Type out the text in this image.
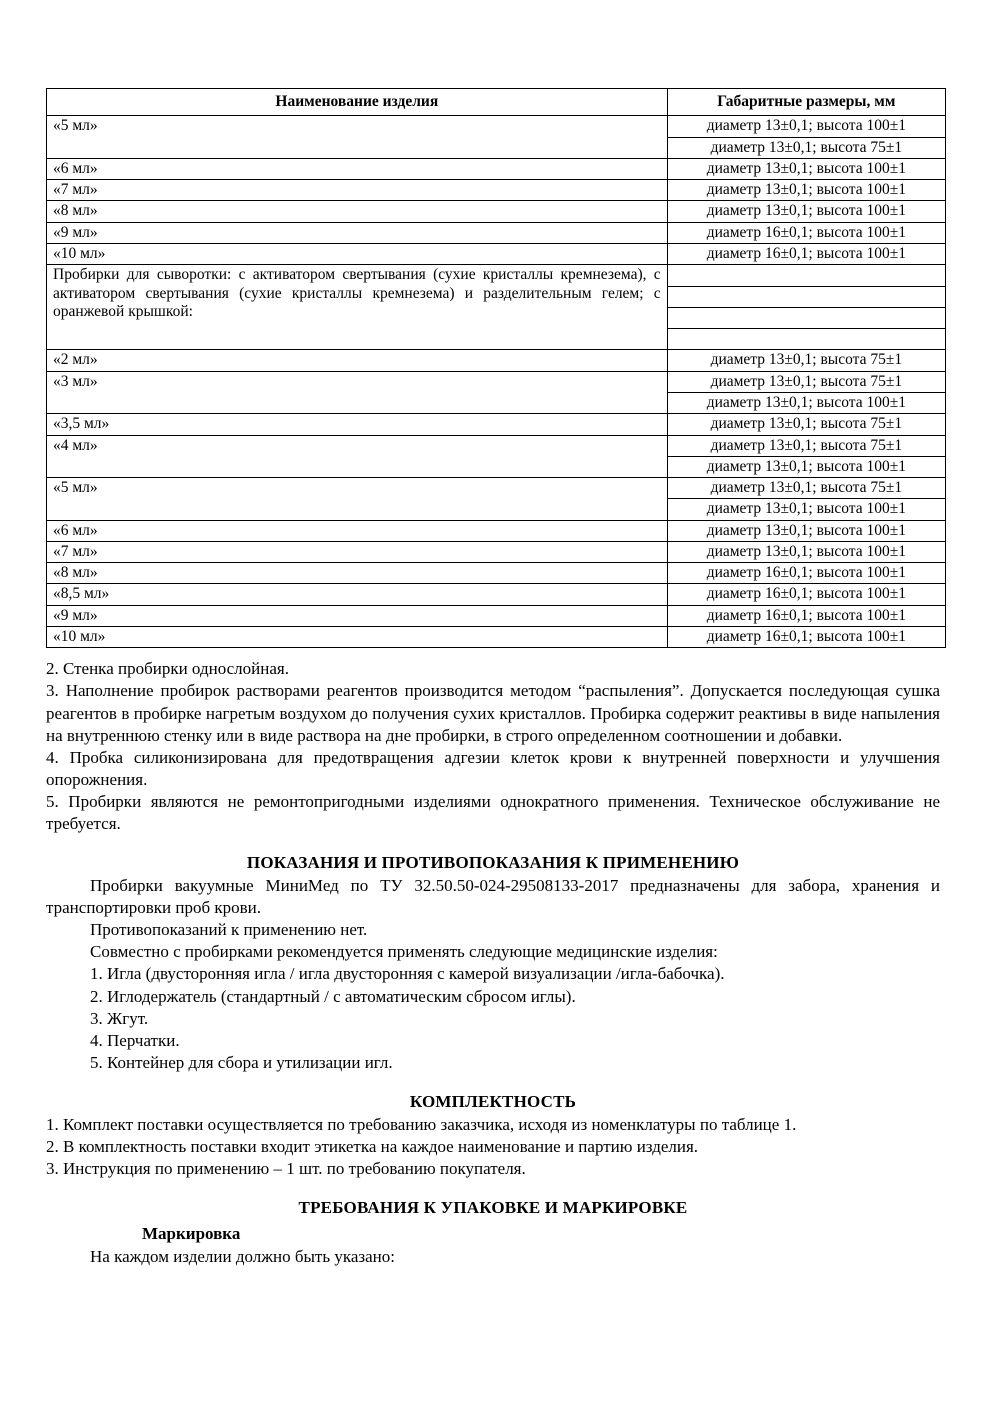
Наименование изделия	Габаритные размеры, мм
«5 мл»	диаметр 13±0,1; высота 100±1
	диаметр 13±0,1; высота 75±1
«6 мл»	диаметр 13±0,1; высота 100±1
«7 мл»	диаметр 13±0,1; высота 100±1
«8 мл»	диаметр 13±0,1; высота 100±1
«9 мл»	диаметр 16±0,1; высота 100±1
«10 мл»	диаметр 16±0,1; высота 100±1

Пробирки для сыворотки: с активатором свертывания (сухие кристаллы кремнезема), с активатором свертывания (сухие кристаллы кремнезема) и разделительным гелем; с оранжевой крышкой:	

«2 мл»	диаметр 13±0,1; высота 75±1
«3 мл»	диаметр 13±0,1; высота 75±1
	диаметр 13±0,1; высота 100±1
«3,5 мл»	диаметр 13±0,1; высота 75±1
«4 мл»	диаметр 13±0,1; высота 75±1
	диаметр 13±0,1; высота 100±1
«5 мл»	диаметр 13±0,1; высота 75±1
	диаметр 13±0,1; высота 100±1
«6 мл»	диаметр 13±0,1; высота 100±1
«7 мл»	диаметр 13±0,1; высота 100±1
«8 мл»	диаметр 16±0,1; высота 100±1
«8,5 мл»	диаметр 16±0,1; высота 100±1
«9 мл»	диаметр 16±0,1; высота 100±1
«10 мл»	диаметр 16±0,1; высота 100±1

2. Стенка пробирки однослойная.

3. Наполнение пробирок растворами реагентов производится методом “распыления”. Допускается последующая сушка реагентов в пробирке нагретым воздухом до получения сухих кристаллов. Пробирка содержит реактивы в виде напыления на внутреннюю стенку или в виде раствора на дне пробирки, в строго определенном соотношении и добавки.

4. Пробка силиконизирована для предотвращения адгезии клеток крови к внутренней поверхности и улучшения опорожнения.

5. Пробирки являются не ремонтопригодными изделиями однократного применения. Техническое обслуживание не требуется.

ПОКАЗАНИЯ И ПРОТИВОПОКАЗАНИЯ К ПРИМЕНЕНИЮ

Пробирки вакуумные МиниМед по ТУ 32.50.50-024-29508133-2017 предназначены для забора, хранения и транспортировки проб крови.

Противопоказаний к применению нет.

Совместно с пробирками рекомендуется применять следующие медицинские изделия:

1. Игла (двусторонняя игла / игла двусторонняя с камерой визуализации /игла-бабочка).

2. Иглодержатель (стандартный / с автоматическим сбросом иглы).

3. Жгут.

4. Перчатки.

5. Контейнер для сбора и утилизации игл.

КОМПЛЕКТНОСТЬ

1. Комплект поставки осуществляется по требованию заказчика, исходя из номенклатуры по таблице 1.

2. В комплектность поставки входит этикетка на каждое наименование и партию изделия.

3. Инструкция по применению – 1 шт. по требованию покупателя.

ТРЕБОВАНИЯ К УПАКОВКЕ И МАРКИРОВКЕ
Маркировка

На каждом изделии должно быть указано:
